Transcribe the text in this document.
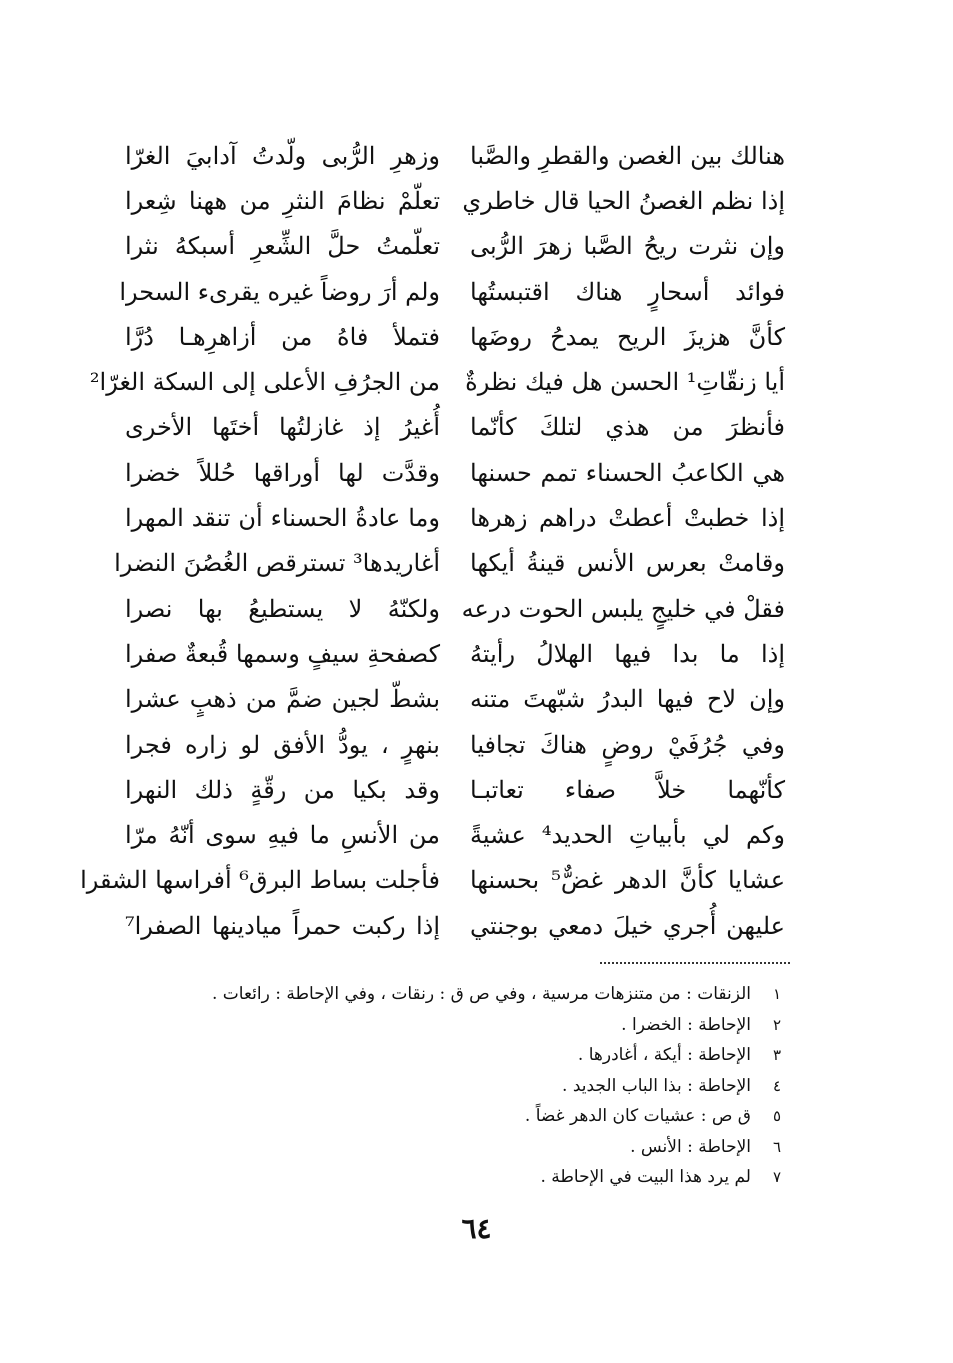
هنالك بين الغصن والقطرِ والصَّبا
وزهرِ الرُّبى ولّدتُ آدابيَ الغرّا
إذا نظم الغصنُ الحيا قال خاطري
تعلّمْ نظامَ النثرِ من ههنا شِعرا
وإن نثرت ريحُ الصَّبا زهرَ الرُّبى
تعلّمتُ حلَّ الشِّعرِ أسبكهُ نثرا
فوائد أسحارٍ هناك اقتبستُها
ولم أرَ روضاً غيره يقرىء السحرا
كأنَّ هزيزَ الريح يمدحُ روضَها
فتملأ فاهُ من أزاهرِهـا دُرَّا
أيا زنقّاتِ¹ الحسن هل فيك نظرةٌ
من الجرُفِ الأعلى إلى السكة الغرّا²
فأنظرَ من هذي لتلكَ كأنّما
أُغيرُ إذ غازلتُها أختَها الأخرى
هي الكاعبُ الحسناء تمم حسنها
وقدَّت لها أوراقها حُللاً خضرا
إذا خطبتْ أعطتْ دراهم زهرها
وما عادةُ الحسناء أن تنقد المهرا
وقامتْ بعرس الأنس قينةُ أيكها
أغاريدها³ تسترقص الغُصُنَ النضرا
فقلْ في خليجٍ يلبس الحوت درعه
ولكنّهُ لا يستطيعُ بها نصرا
إذا ما بدا فيها الهلالُ رأيتهُ
كصفحةِ سيفٍ وسمها قُبعةٌ صفرا
وإن لاح فيها البدرُ شبّهتَ متنه
بشطّ لجين ضمَّ من ذهبٍ عشرا
وفي جُرُفَيْ روضٍ هناكَ تجافيا
بنهرٍ ، يودُّ الأفق لو زاره فجرا
كأنّهما خلاَّ صفاء تعاتبـا
وقد بكيا من رقّةٍ ذلك النهرا
وكم لي بأبياتِ الحديد⁴ عشيةً
من الأنسِ ما فيهِ سوى أنّهُ مرّا
عشايا كأنَّ الدهر غضٌّ⁵ بحسنها
فأجلت بساط البرق⁶ أفراسها الشقرا
عليهن أُجري خيلَ دمعي بوجنتي
إذا ركبت حمراً ميادينها الصفرا⁷
١
الزنقات : من متنزهات مرسية ، وفي ص ق : رنقات ، وفي الإحاطة : رائعات .
٢
الإحاطة : الخضرا .
٣
الإحاطة : أيكة ، أغادرها .
٤
الإحاطة : بذا الباب الجديد .
٥
ق ص : عشيات كان الدهر غضاً .
٦
الإحاطة : الأنس .
٧
لم يرد هذا البيت في الإحاطة .
٦٤
